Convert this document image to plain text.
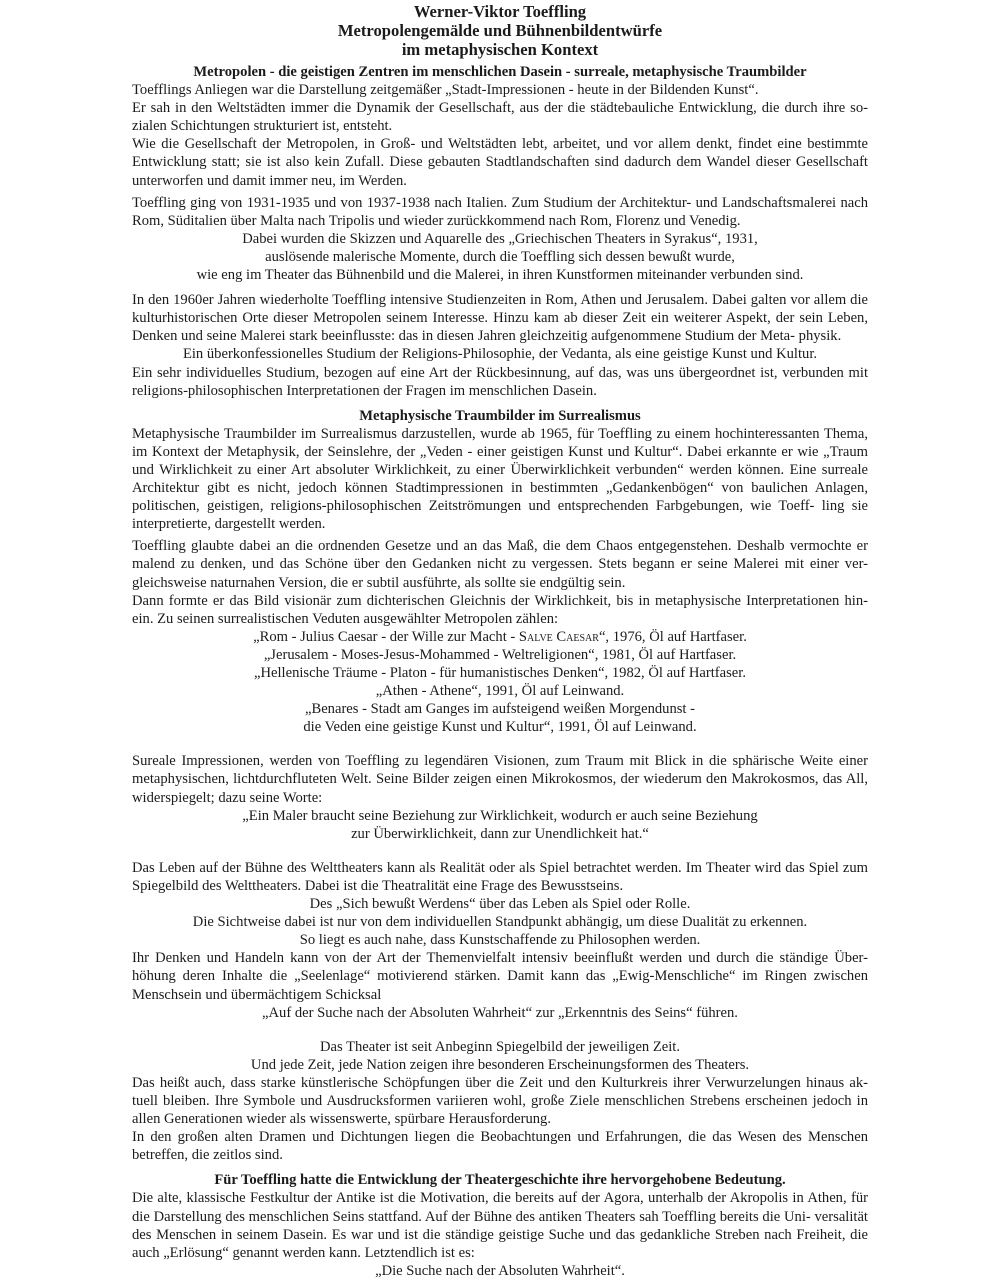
Werner-Viktor Toeffling
Metropolengemälde und Bühnenbildentwürfe
im metaphysischen Kontext
Metropolen - die geistigen Zentren im menschlichen Dasein - surreale, metaphysische Traumbilder

Toefflings Anliegen war die Darstellung zeitgemäßer „Stadt-Impressionen - heute in der Bildenden Kunst“.

Er sah in den Weltstädten immer die Dynamik der Gesellschaft, aus der die städtebauliche Entwicklung, die durch ihre so- zialen Schichtungen strukturiert ist, entsteht.

Wie die Gesellschaft der Metropolen, in Groß- und Weltstädten lebt, arbeitet, und vor allem denkt, findet eine bestimmte Entwicklung statt; sie ist also kein Zufall. Diese gebauten Stadtlandschaften sind dadurch dem Wandel dieser Gesellschaft unterworfen und damit immer neu, im Werden.

Toeffling ging von 1931-1935 und von 1937-1938 nach Italien. Zum Studium der Architektur- und Landschaftsmalerei nach Rom, Süditalien über Malta nach Tripolis und wieder zurückkommend nach Rom, Florenz und Venedig.

Dabei wurden die Skizzen und Aquarelle des „Griechischen Theaters in Syrakus“, 1931,

auslösende malerische Momente, durch die Toeffling sich dessen bewußt wurde,

wie eng im Theater das Bühnenbild und die Malerei, in ihren Kunstformen miteinander verbunden sind.

In den 1960er Jahren wiederholte Toeffling intensive Studienzeiten in Rom, Athen und Jerusalem. Dabei galten vor allem die kulturhistorischen Orte dieser Metropolen seinem Interesse. Hinzu kam ab dieser Zeit ein weiterer Aspekt, der sein Leben, Denken und seine Malerei stark beeinflusste: das in diesen Jahren gleichzeitig aufgenommene Studium der Meta- physik.

Ein überkonfessionelles Studium der Religions-Philosophie, der Vedanta, als eine geistige Kunst und Kultur.

Ein sehr individuelles Studium, bezogen auf eine Art der Rückbesinnung, auf das, was uns übergeordnet ist, verbunden mit religions-philosophischen Interpretationen der Fragen im menschlichen Dasein.

Metaphysische Traumbilder im Surrealismus

Metaphysische Traumbilder im Surrealismus darzustellen, wurde ab 1965, für Toeffling zu einem hochinteressanten Thema, im Kontext der Metaphysik, der Seinslehre, der „Veden - einer geistigen Kunst und Kultur“. Dabei erkannte er wie „Traum und Wirklichkeit zu einer Art absoluter Wirklichkeit, zu einer Überwirklichkeit verbunden“ werden können. Eine surreale Architektur gibt es nicht, jedoch können Stadtimpressionen in bestimmten „Gedankenbögen“ von baulichen Anlagen, politischen, geistigen, religions-philosophischen Zeitströmungen und entsprechenden Farbgebungen, wie Toeff- ling sie interpretierte, dargestellt werden.

Toeffling glaubte dabei an die ordnenden Gesetze und an das Maß, die dem Chaos entgegenstehen. Deshalb vermochte er malend zu denken, und das Schöne über den Gedanken nicht zu vergessen. Stets begann er seine Malerei mit einer ver- gleichsweise naturnahen Version, die er subtil ausführte, als sollte sie endgültig sein.

Dann formte er das Bild visionär zum dichterischen Gleichnis der Wirklichkeit, bis in metaphysische Interpretationen hin- ein. Zu seinen surrealistischen Veduten ausgewählter Metropolen zählen:

„Rom - Julius Caesar - der Wille zur Macht - Salve Caesar“, 1976, Öl auf Hartfaser.

„Jerusalem - Moses-Jesus-Mohammed - Weltreligionen“, 1981, Öl auf Hartfaser.

„Hellenische Träume - Platon - für humanistisches Denken“, 1982, Öl auf Hartfaser.

„Athen - Athene“, 1991, Öl auf Leinwand.

„Benares - Stadt am Ganges im aufsteigend weißen Morgendunst -

die Veden eine geistige Kunst und Kultur“, 1991, Öl auf Leinwand.

Sureale Impressionen, werden von Toeffling zu legendären Visionen, zum Traum mit Blick in die sphärische Weite einer metaphysischen, lichtdurchfluteten Welt. Seine Bilder zeigen einen Mikrokosmos, der wiederum den Makrokosmos, das All, widerspiegelt; dazu seine Worte:

„Ein Maler braucht seine Beziehung zur Wirklichkeit, wodurch er auch seine Beziehung

zur Überwirklichkeit, dann zur Unendlichkeit hat.“

Das Leben auf der Bühne des Welttheaters kann als Realität oder als Spiel betrachtet werden. Im Theater wird das Spiel zum Spiegelbild des Welttheaters. Dabei ist die Theatralität eine Frage des Bewusstseins.

Des „Sich bewußt Werdens“ über das Leben als Spiel oder Rolle.

Die Sichtweise dabei ist nur von dem individuellen Standpunkt abhängig, um diese Dualität zu erkennen.

So liegt es auch nahe, dass Kunstschaffende zu Philosophen werden.

Ihr Denken und Handeln kann von der Art der Themenvielfalt intensiv beeinflußt werden und durch die ständige Über- höhung deren Inhalte die „Seelenlage“ motivierend stärken. Damit kann das „Ewig-Menschliche“ im Ringen zwischen Menschsein und übermächtigem Schicksal

„Auf der Suche nach der Absoluten Wahrheit“ zur „Erkenntnis des Seins“ führen.

Das Theater ist seit Anbeginn Spiegelbild der jeweiligen Zeit.

Und jede Zeit, jede Nation zeigen ihre besonderen Erscheinungsformen des Theaters.

Das heißt auch, dass starke künstlerische Schöpfungen über die Zeit und den Kulturkreis ihrer Verwurzelungen hinaus ak- tuell bleiben. Ihre Symbole und Ausdrucksformen variieren wohl, große Ziele menschlichen Strebens erscheinen jedoch in allen Generationen wieder als wissenswerte, spürbare Herausforderung.

In den großen alten Dramen und Dichtungen liegen die Beobachtungen und Erfahrungen, die das Wesen des Menschen betreffen, die zeitlos sind.

Für Toeffling hatte die Entwicklung der Theatergeschichte ihre hervorgehobene Bedeutung.

Die alte, klassische Festkultur der Antike ist die Motivation, die bereits auf der Agora, unterhalb der Akropolis in Athen, für die Darstellung des menschlichen Seins stattfand. Auf der Bühne des antiken Theaters sah Toeffling bereits die Uni- versalität des Menschen in seinem Dasein. Es war und ist die ständige geistige Suche und das gedankliche Streben nach Freiheit, die auch „Erlösung“ genannt werden kann. Letztendlich ist es:

„Die Suche nach der Absoluten Wahrheit“.
